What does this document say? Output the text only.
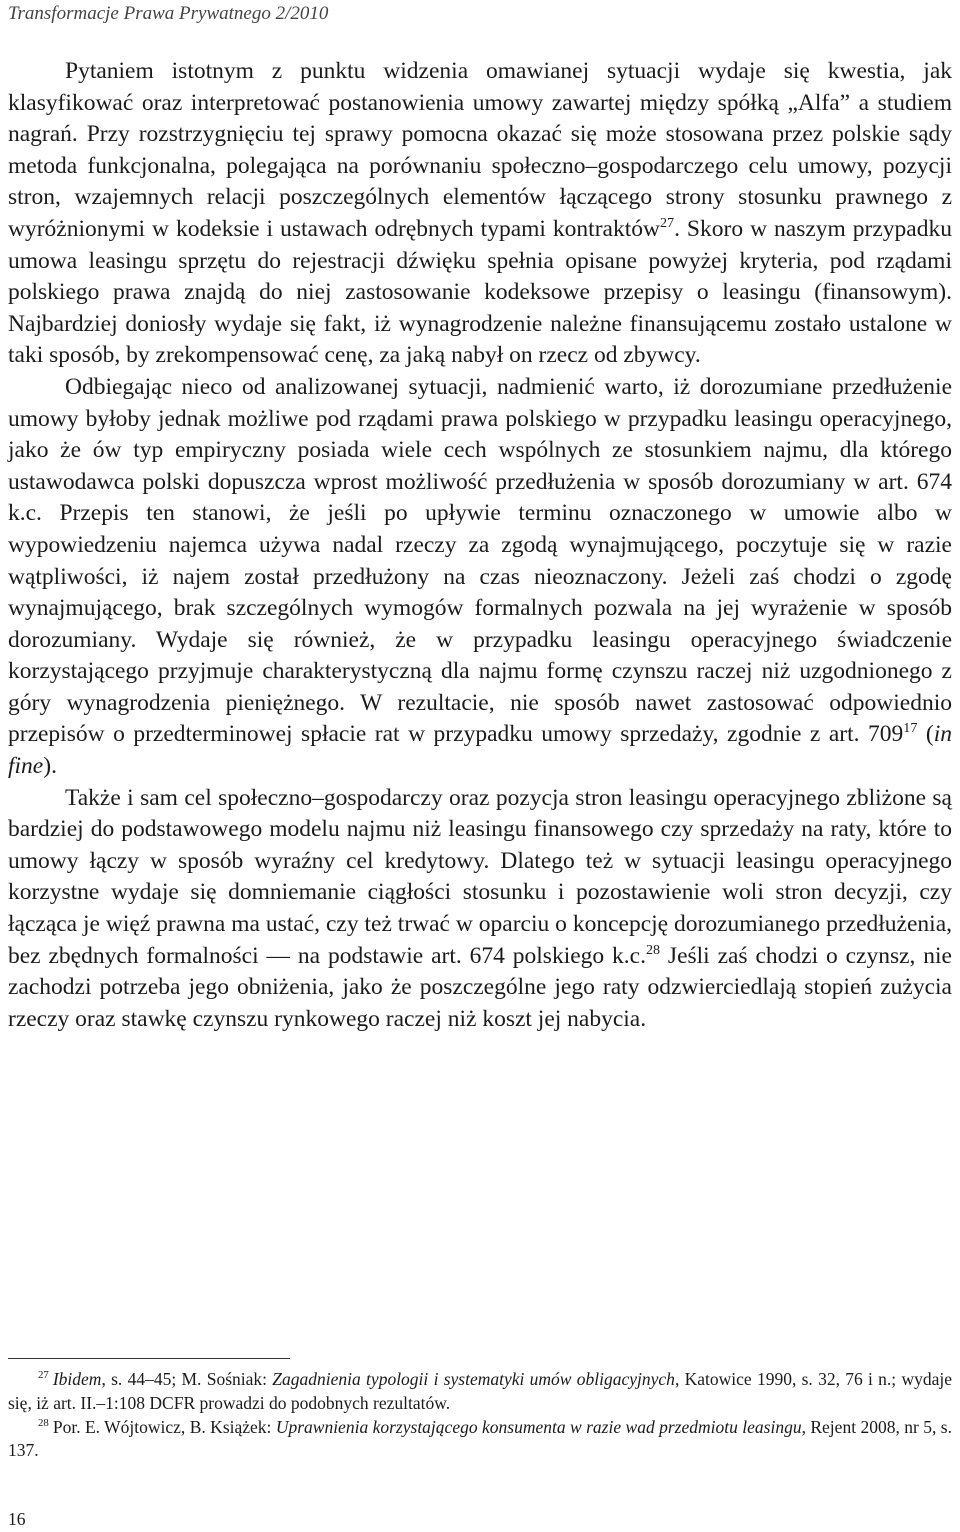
Transformacje Prawa Prywatnego 2/2010

Pytaniem istotnym z punktu widzenia omawianej sytuacji wydaje się kwestia, jak klasyfikować oraz interpretować postanowienia umowy zawartej między spółką „Alfa” a studiem nagrań. Przy rozstrzygnięciu tej sprawy pomocna okazać się może stosowana przez polskie sądy metoda funkcjonalna, polegająca na porównaniu społeczno–gospodarczego celu umowy, pozycji stron, wzajemnych relacji poszczególnych elementów łączącego strony stosunku prawnego z wyróżnionymi w kodeksie i ustawach odrębnych typami kontraktów$^{27}$. Skoro w naszym przypadku umowa leasingu sprzętu do rejestracji dźwięku spełnia opisane powyżej kryteria, pod rządami polskiego prawa znajdą do niej zastosowanie kodeksowe przepisy o leasingu (finansowym). Najbardziej doniosły wydaje się fakt, iż wynagrodzenie należne finansującemu zostało ustalone w taki sposób, by zrekompensować cenę, za jaką nabył on rzecz od zbywcy.

Odbiegając nieco od analizowanej sytuacji, nadmienić warto, iż dorozumiane przedłużenie umowy byłoby jednak możliwe pod rządami prawa polskiego w przypadku leasingu operacyjnego, jako że ów typ empiryczny posiada wiele cech wspólnych ze stosunkiem najmu, dla którego ustawodawca polski dopuszcza wprost możliwość przedłużenia w sposób dorozumiany w art. 674 k.c. Przepis ten stanowi, że jeśli po upływie terminu oznaczonego w umowie albo w wypowiedzeniu najemca używa nadal rzeczy za zgodą wynajmującego, poczytuje się w razie wątpliwości, iż najem został przedłużony na czas nieoznaczony. Jeżeli zaś chodzi o zgodę wynajmującego, brak szczególnych wymogów formalnych pozwala na jej wyrażenie w sposób dorozumiany. Wydaje się również, że w przypadku leasingu operacyjnego świadczenie korzystającego przyjmuje charakterystyczną dla najmu formę czynszu raczej niż uzgodnionego z góry wynagrodzenia pieniężnego. W rezultacie, nie sposób nawet zastosować odpowiednio przepisów o przedterminowej spłacie rat w przypadku umowy sprzedaży, zgodnie z art. $709^{17}$ (in fine).

Także i sam cel społeczno–gospodarczy oraz pozycja stron leasingu operacyjnego zbliżone są bardziej do podstawowego modelu najmu niż leasingu finansowego czy sprzedaży na raty, które to umowy łączy w sposób wyraźny cel kredytowy. Dlatego też w sytuacji leasingu operacyjnego korzystne wydaje się domniemanie ciągłości stosunku i pozostawienie woli stron decyzji, czy łącząca je więź prawna ma ustać, czy też trwać w oparciu o koncepcję dorozumianego przedłużenia, bez zbędnych formalności — na podstawie art. 674 polskiego k.c.$^{28}$ Jeśli zaś chodzi o czynsz, nie zachodzi potrzeba jego obniżenia, jako że poszczególne jego raty odzwierciedlają stopień zużycia rzeczy oraz stawkę czynszu rynkowego raczej niż koszt jej nabycia.

$^{27}$ Ibidem, s. 44–45; M. Sośniak: Zagadnienia typologii i systematyki umów obligacyjnych, Katowice 1990, s. 32, 76 i n.; wydaje się, iż art. II.–1:108 DCFR prowadzi do podobnych rezultatów.

$^{28}$ Por. E. Wójtowicz, B. Książek: Uprawnienia korzystającego konsumenta w razie wad przedmiotu leasingu, Rejent 2008, nr 5, s. 137.

16
